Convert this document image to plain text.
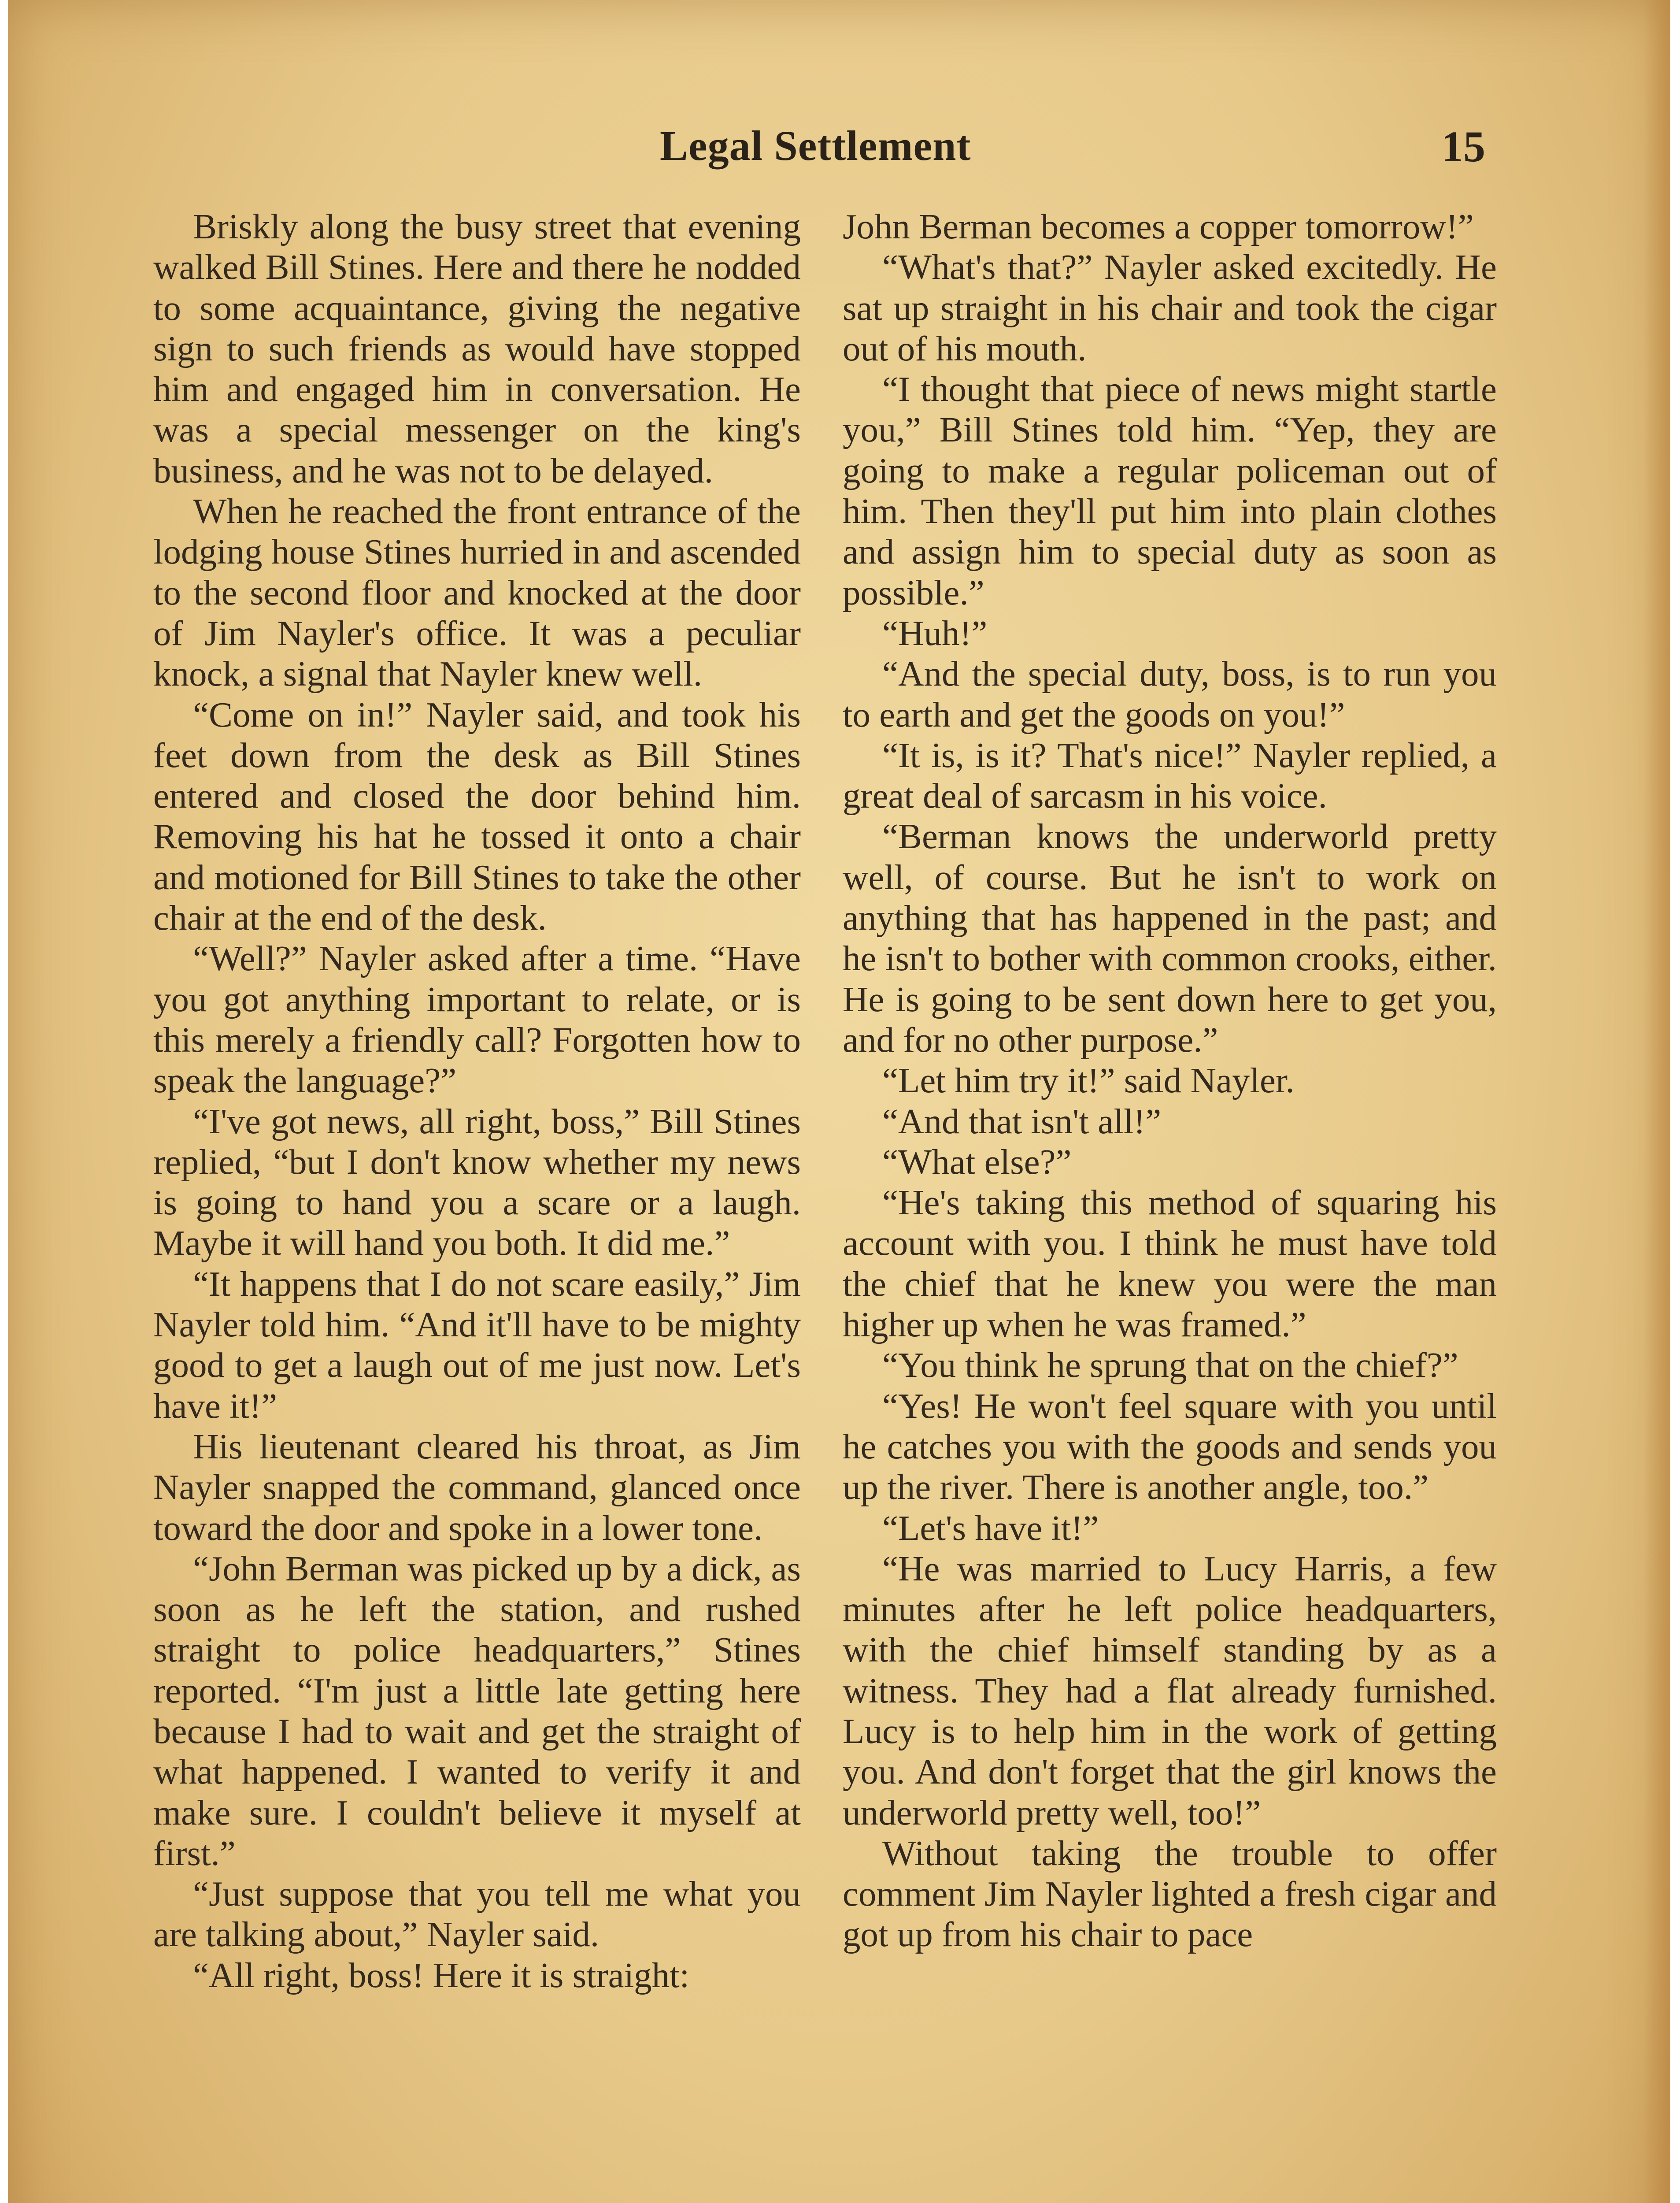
Legal Settlement	15

Briskly along the busy street that evening walked Bill Stines. Here and there he nodded to some acquaintance, giving the negative sign to such friends as would have stopped him and engaged him in conversation. He was a special messenger on the king's business, and he was not to be delayed.

When he reached the front entrance of the lodging house Stines hurried in and ascended to the second floor and knocked at the door of Jim Nayler's office. It was a peculiar knock, a signal that Nayler knew well.

“Come on in!” Nayler said, and took his feet down from the desk as Bill Stines entered and closed the door behind him. Removing his hat he tossed it onto a chair and motioned for Bill Stines to take the other chair at the end of the desk.

“Well?” Nayler asked after a time. “Have you got anything important to relate, or is this merely a friendly call? Forgotten how to speak the language?”

“I've got news, all right, boss,” Bill Stines replied, “but I don't know whether my news is going to hand you a scare or a laugh. Maybe it will hand you both. It did me.”

“It happens that I do not scare easily,” Jim Nayler told him. “And it'll have to be mighty good to get a laugh out of me just now. Let's have it!”

His lieutenant cleared his throat, as Jim Nayler snapped the command, glanced once toward the door and spoke in a lower tone.

“John Berman was picked up by a dick, as soon as he left the station, and rushed straight to police headquarters,” Stines reported. “I'm just a little late getting here because I had to wait and get the straight of what happened. I wanted to verify it and make sure. I couldn't believe it myself at first.”

“Just suppose that you tell me what you are talking about,” Nayler said.

“All right, boss! Here it is straight:

John Berman becomes a copper tomorrow!”

“What's that?” Nayler asked excitedly. He sat up straight in his chair and took the cigar out of his mouth.

“I thought that piece of news might startle you,” Bill Stines told him. “Yep, they are going to make a regular policeman out of him. Then they'll put him into plain clothes and assign him to special duty as soon as possible.”

“Huh!”

“And the special duty, boss, is to run you to earth and get the goods on you!”

“It is, is it? That's nice!” Nayler replied, a great deal of sarcasm in his voice.

“Berman knows the underworld pretty well, of course. But he isn't to work on anything that has happened in the past; and he isn't to bother with common crooks, either. He is going to be sent down here to get you, and for no other purpose.”

“Let him try it!” said Nayler.

“And that isn't all!”

“What else?”

“He's taking this method of squaring his account with you. I think he must have told the chief that he knew you were the man higher up when he was framed.”

“You think he sprung that on the chief?”

“Yes! He won't feel square with you until he catches you with the goods and sends you up the river. There is another angle, too.”

“Let's have it!”

“He was married to Lucy Harris, a few minutes after he left police headquarters, with the chief himself standing by as a witness. They had a flat already furnished. Lucy is to help him in the work of getting you. And don't forget that the girl knows the underworld pretty well, too!”

Without taking the trouble to offer comment Jim Nayler lighted a fresh cigar and got up from his chair to pace
